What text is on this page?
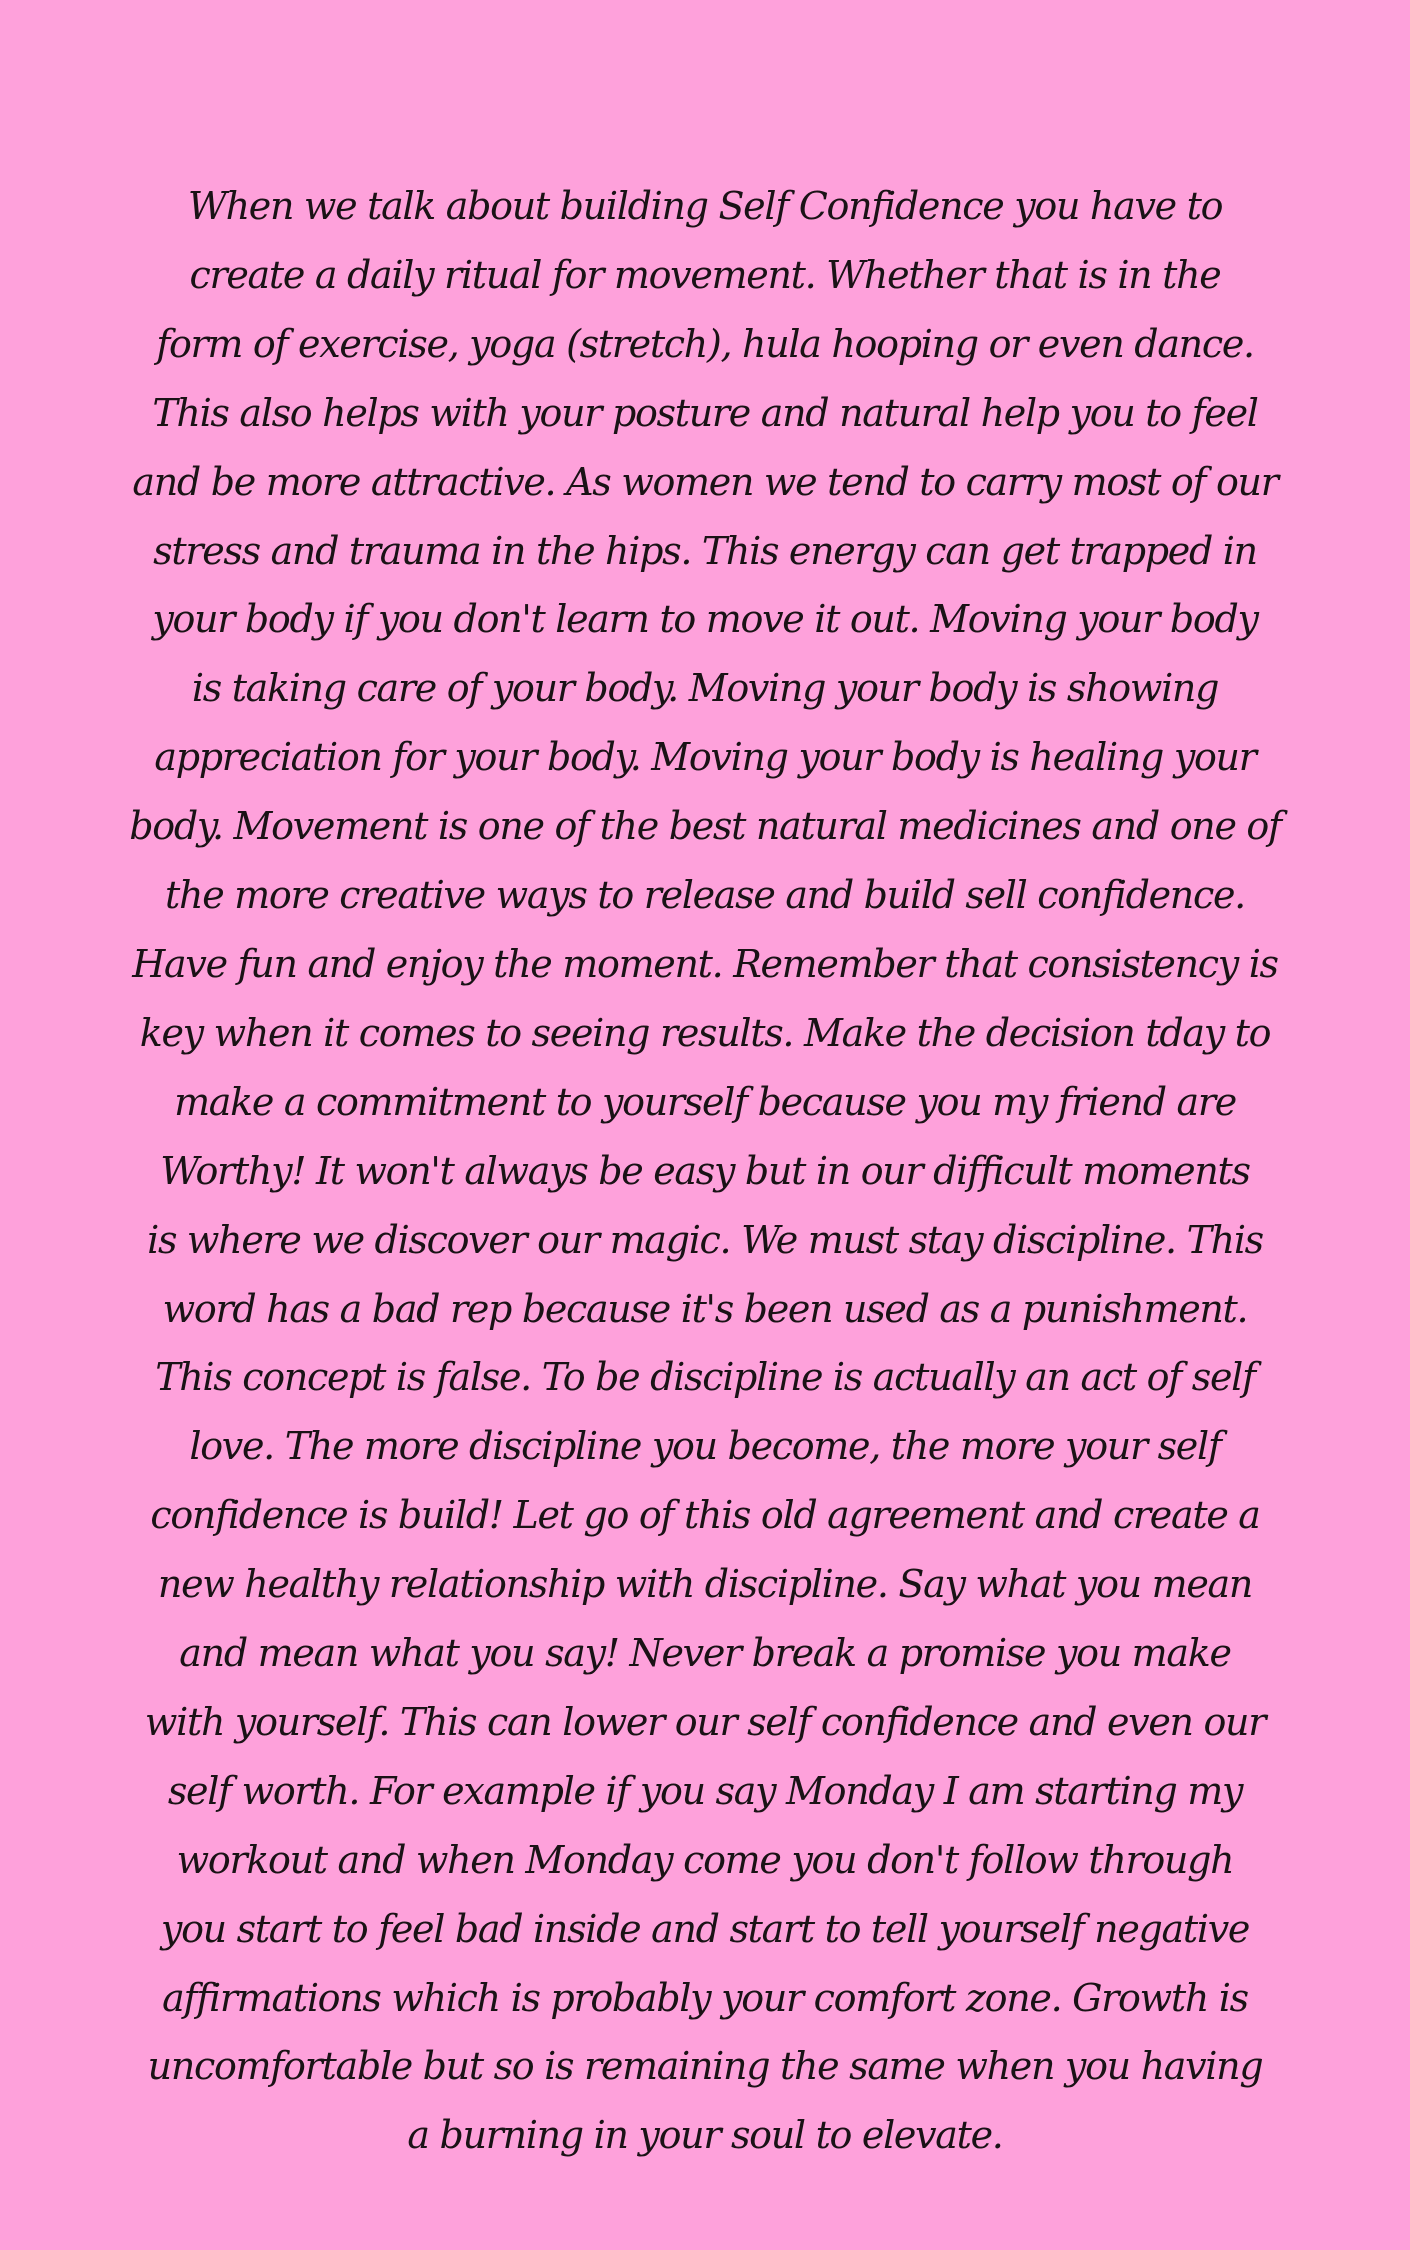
When we talk about building Self Confidence you have to
create a daily ritual for movement. Whether that is in the
form of exercise, yoga (stretch), hula hooping or even dance.
This also helps with your posture and natural help you to feel
and be more attractive. As women we tend to carry most of our
stress and trauma in the hips. This energy can get trapped in
your body if you don't learn to move it out. Moving your body
is taking care of your body. Moving your body is showing
appreciation for your body. Moving your body is healing your
body. Movement is one of the best natural medicines and one of
the more creative ways to release and build sell confidence.
Have fun and enjoy the moment. Remember that consistency is
key when it comes to seeing results. Make the decision tday to
make a commitment to yourself because you my friend are
Worthy! It won't always be easy but in our difficult moments
is where we discover our magic. We must stay discipline. This
word has a bad rep because it's been used as a punishment.
This concept is false. To be discipline is actually an act of self
love. The more discipline you become, the more your self
confidence is build! Let go of this old agreement and create a
new healthy relationship with discipline. Say what you mean
and mean what you say! Never break a promise you make
with yourself. This can lower our self confidence and even our
self worth. For example if you say Monday I am starting my
workout and when Monday come you don't follow through
you start to feel bad inside and start to tell yourself negative
affirmations which is probably your comfort zone. Growth is
uncomfortable but so is remaining the same when you having
a burning in your soul to elevate.
